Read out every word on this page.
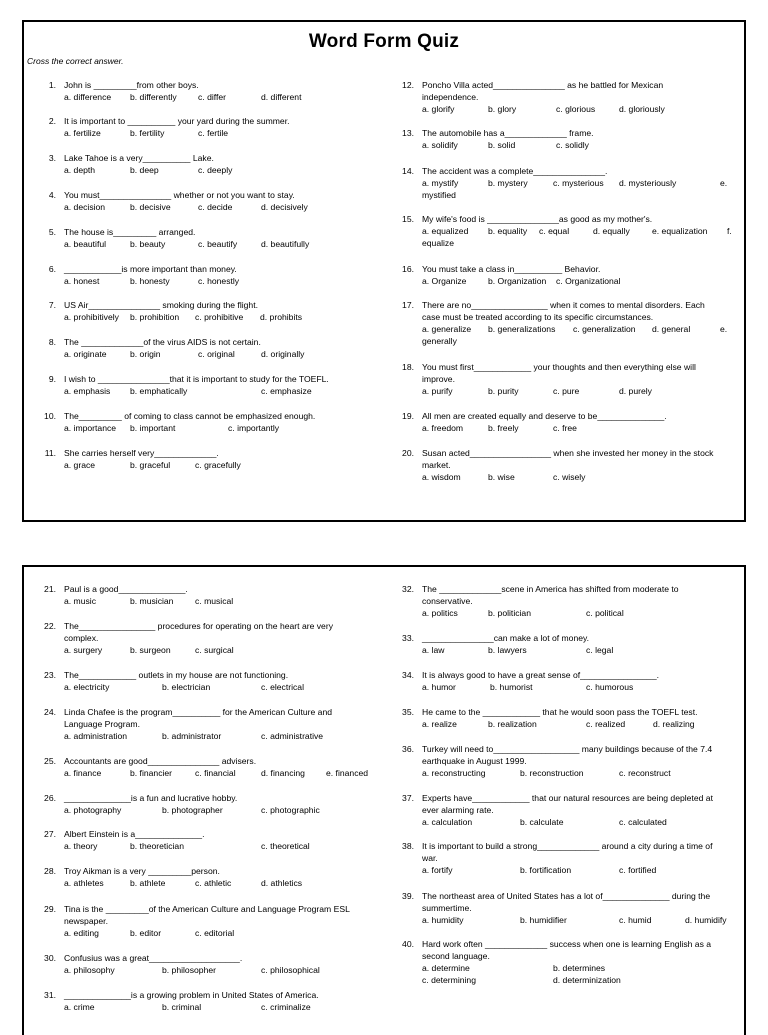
Word Form Quiz
Cross the correct answer.
1. John is _________from other boys.
a. difference b. differently c. differ	d. different
2. It is important to __________ your yard during the summer.
a. fertilize	b. fertility	c. fertile
3. Lake Tahoe is a very__________ Lake.
a. depth	b. deep	c. deeply
4. You must_______________ whether or not you want to stay.
a. decision	b. decisive	c. decide	d. decisively
5. The house is_________ arranged.
a. beautiful	b. beauty	c. beautify	d. beautifully
6. ____________is more important than money.
a. honest	b. honesty	c. honestly
7. US Air_______________ smoking during the flight.
a. prohibitively b. prohibition c. prohibitive d. prohibits
8. The _____________of the virus AIDS is not certain.
a. originate	b. origin	c. original	d. originally
9. I wish to _______________that it is important to study for the TOEFL.
a. emphasis b. emphatically	c. emphasize
10. The_________ of coming to class cannot be emphasized enough.
a. importance b. important	c. importantly
11. She carries herself very_____________.
a. grace	b. graceful	c. gracefully
12. Poncho Villa acted_______________ as he battled for Mexican independence.
a. glorify	b. glory	c. glorious	d. gloriously
13. The automobile has a_____________ frame.
a. solidify	b. solid	c. solidly
14. The accident was a complete_______________.
a. mystify	b. mystery	c. mysterious d. mysteriously	e.
mystified
15. My wife's food is _______________as good as my mother's.
a. equalized b. equality c. equal	d. equally	e. equalization f.
equalize
16. You must take a class in__________ Behavior.
a. Organize	b. Organization c. Organizational
17. There are no________________ when it comes to mental disorders. Each case must be treated according to its specific circumstances.
a. generalize b. generalizations c. generalization d. general	e.
generally
18. You must first____________ your thoughts and then everything else will improve.
a. purify	b. purity	c. pure	d. purely
19. All men are created equally and deserve to be______________.
a. freedom	b. freely	c. free
20. Susan acted_________________ when she invested her money in the stock market.
a. wisdom	b. wise	c. wisely
21. Paul is a good______________.
a. music	b. musician	c. musical
22. The________________ procedures for operating on the heart are very complex.
a. surgery	b. surgeon	c. surgical
23. The____________ outlets in my house are not functioning.
a. electricity	b. electrician	c. electrical
24. Linda Chafee is the program__________ for the American Culture and Language Program.
a. administration	b. administrator	c. administrative
25. Accountants are good_______________ advisers.
a. finance	b. financier	c. financial	d. financing e. financed
26. ______________is a fun and lucrative hobby.
a. photography	b. photographer	c. photographic
27. Albert Einstein is a______________.
a. theory	b. theoretician	c. theoretical
28. Troy Aikman is a very _________person.
a. athletes	b. athlete	c. athletic	d. athletics
29. Tina is the _________of the American Culture and Language Program ESL newspaper.
a. editing	b. editor	c. editorial
30. Confusius was a great___________________.
a. philosophy	b. philosopher	c. philosophical
31. ______________is a growing problem in United States of America.
a. crime	b. criminal	c. criminalize
32. The _____________scene in America has shifted from moderate to conservative.
a. politics	b. politician	c. political
33. _______________can make a lot of money.
a. law	b. lawyers	c. legal
34. It is always good to have a great sense of________________.
a. humor	b. humorist	c. humorous
35. He came to the ____________ that he would soon pass the TOEFL test.
a. realize	b. realization	c. realized	d. realizing
36. Turkey will need to__________________ many buildings because of the 7.4 earthquake in August 1999.
a. reconstructing	b. reconstruction	c. reconstruct
37. Experts have____________ that our natural resources are being depleted at ever alarming rate.
a. calculation	b. calculate	c. calculated
38. It is important to build a strong_____________ around a city during a time of war.
a. fortify	b. fortification	c. fortified
39. The northeast area of United States has a lot of______________ during the summertime.
a. humidity	b. humidifier	c. humid	d. humidify
40. Hard work often _____________ success when one is learning English as a second language.
a. determine	b. determines
c. determining	d. determinization
